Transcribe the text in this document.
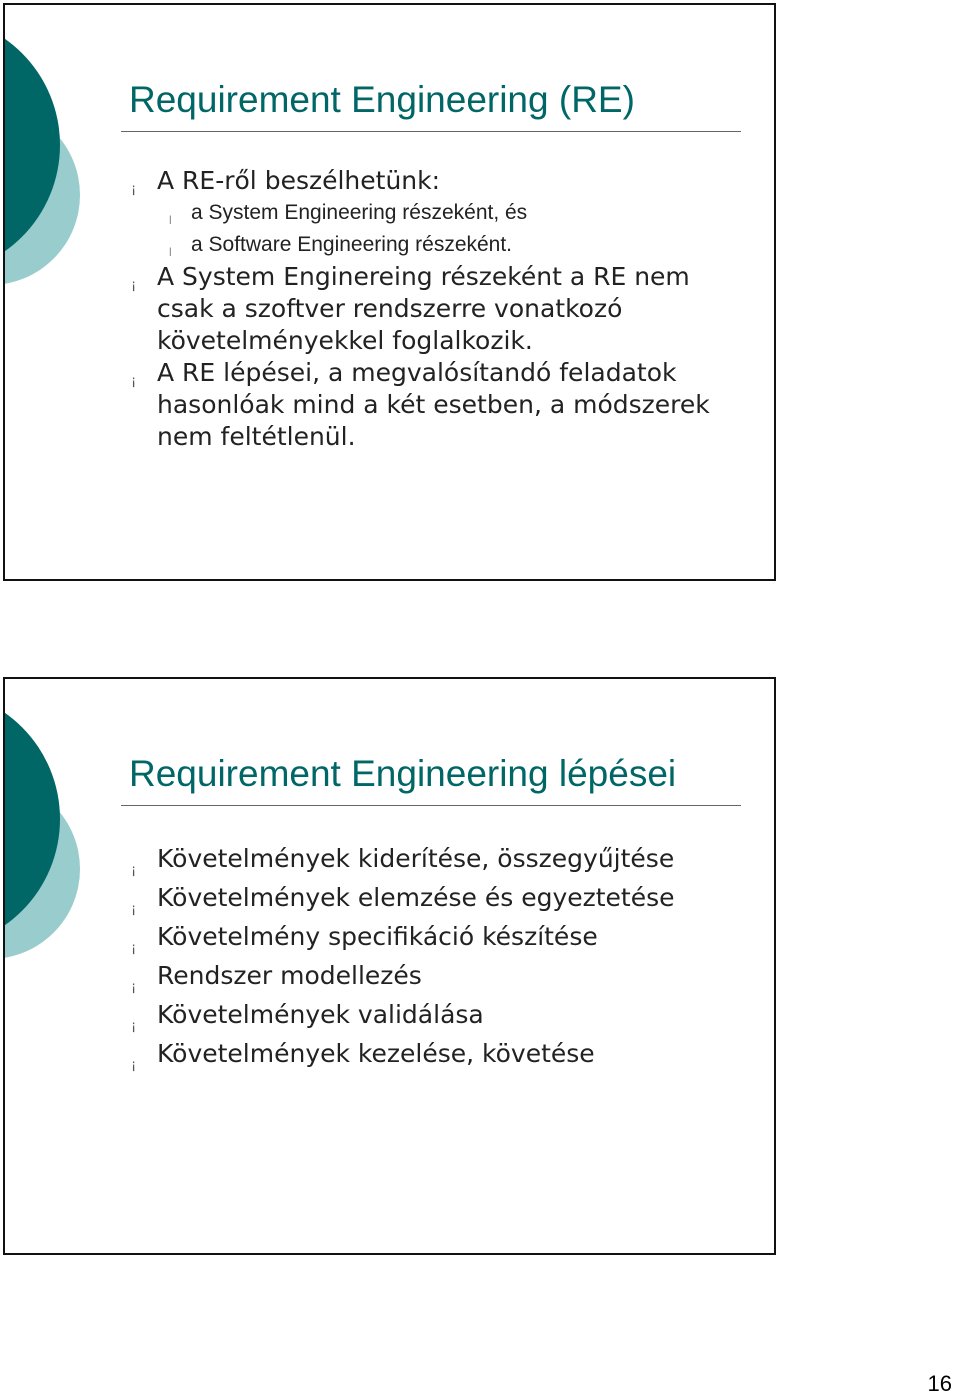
Requirement Engineering (RE)
¡ A RE-ről beszélhetünk:
l a System Engineering részeként, és
l a Software Engineering részeként.
¡ A System Enginereing részeként a RE nem csak a szoftver rendszerre vonatkozó követelményekkel foglalkozik.
¡ A RE lépései, a megvalósítandó feladatok hasonlóak mind a két esetben, a módszerek nem feltétlenül.
Requirement Engineering lépései
¡ Követelmények kiderítése, összegyűjtése
¡ Követelmények elemzése és egyeztetése
¡ Követelmény specifikáció készítése
¡ Rendszer modellezés
¡ Követelmények validálása
¡ Követelmények kezelése, követése
16
